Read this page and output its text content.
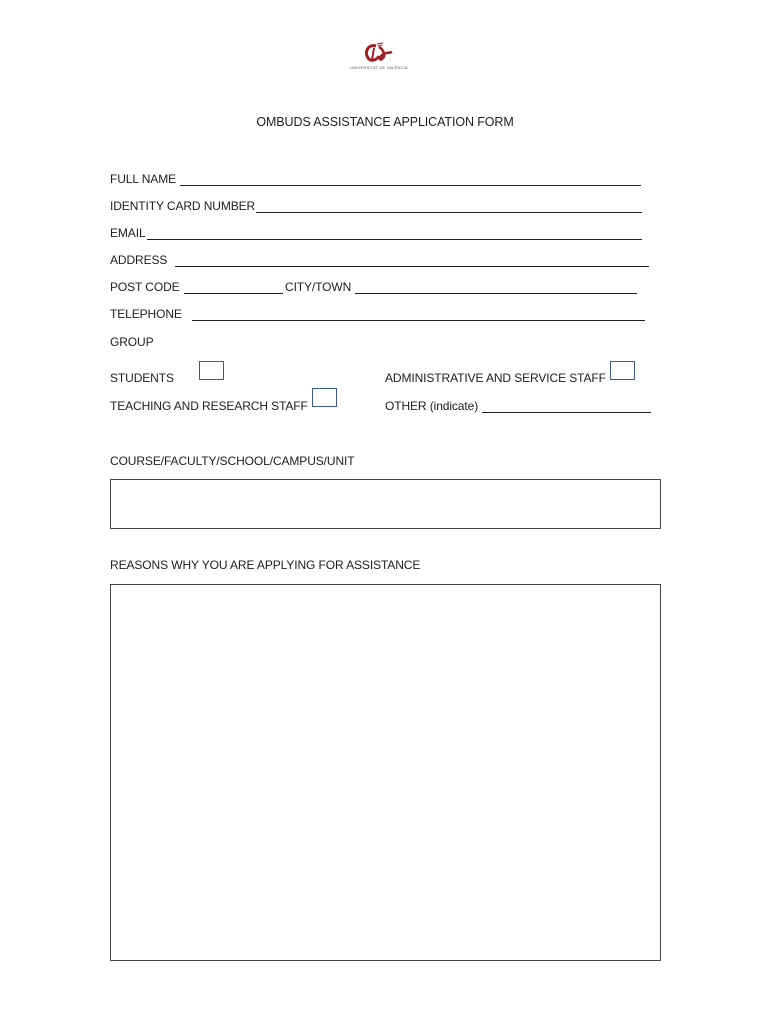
UNIVERSITAT DE VALÈNCIA
OMBUDS ASSISTANCE APPLICATION FORM
FULL NAME
IDENTITY CARD NUMBER
EMAIL
ADDRESS
POST CODE	CITY/TOWN
TELEPHONE
GROUP
STUDENTS	ADMINISTRATIVE AND SERVICE STAFF
TEACHING AND RESEARCH STAFF	OTHER (indicate)
COURSE/FACULTY/SCHOOL/CAMPUS/UNIT
REASONS WHY YOU ARE APPLYING FOR ASSISTANCE
